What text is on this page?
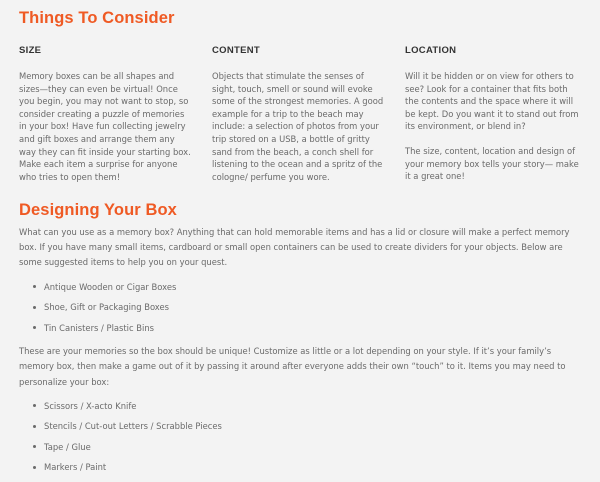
Things To Consider
SIZE

Memory boxes can be all shapes and sizes—they can even be virtual! Once you begin, you may not want to stop, so consider creating a puzzle of memories in your box! Have fun collecting jewelry and gift boxes and arrange them any way they can fit inside your starting box. Make each item a surprise for anyone who tries to open them!

CONTENT

Objects that stimulate the senses of sight, touch, smell or sound will evoke some of the strongest memories. A good example for a trip to the beach may include: a selection of photos from your trip stored on a USB, a bottle of gritty sand from the beach, a conch shell for listening to the ocean and a spritz of the cologne/ perfume you wore.

LOCATION

Will it be hidden or on view for others to see? Look for a container that fits both the contents and the space where it will be kept. Do you want it to stand out from its environment, or blend in?

The size, content, location and design of your memory box tells your story— make it a great one!

Designing Your Box

What can you use as a memory box? Anything that can hold memorable items and has a lid or closure will make a perfect memory box. If you have many small items, cardboard or small open containers can be used to create dividers for your objects. Below are some suggested items to help you on your quest.

Antique Wooden or Cigar Boxes
Shoe, Gift or Packaging Boxes
Tin Canisters / Plastic Bins

These are your memories so the box should be unique! Customize as little or a lot depending on your style. If it’s your family’s memory box, then make a game out of it by passing it around after everyone adds their own “touch” to it. Items you may need to personalize your box:

Scissors / X-acto Knife
Stencils / Cut-out Letters / Scrabble Pieces
Tape / Glue
Markers / Paint
